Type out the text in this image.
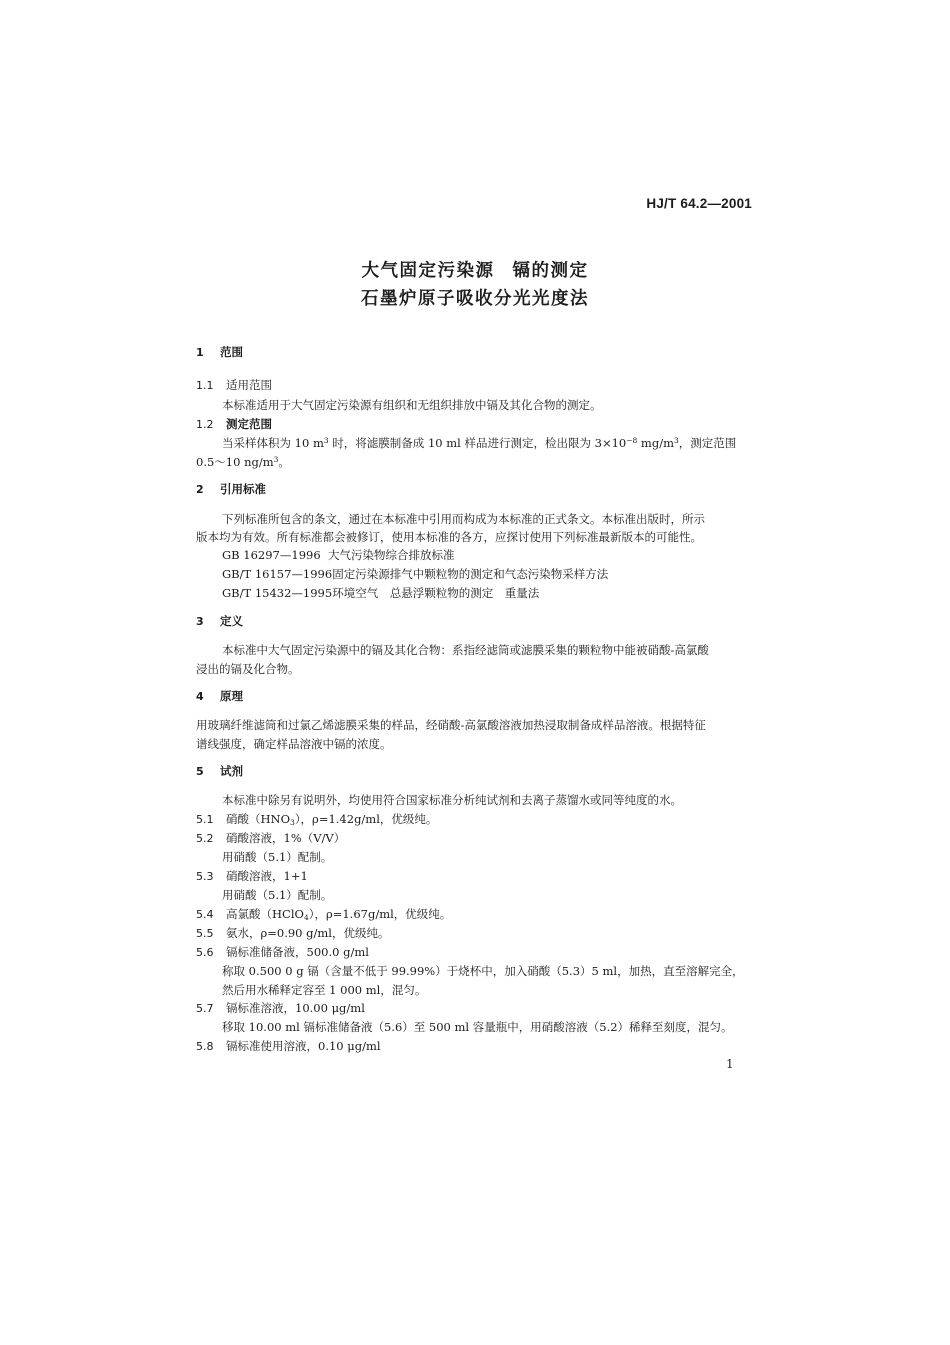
HJ/T 64.2—2001
大气固定污染源 镉的测定
石墨炉原子吸收分光光度法
1 范围
1.1 适用范围
本标准适用于大气固定污染源有组织和无组织排放中镉及其化合物的测定。
1.2 测定范围
当采样体积为 10 $m^3$ 时，将滤膜制备成 10 ml 样品进行测定，检出限为 $3\times 10^{-8}$ $mg/m^3$，测定范围
0.5～10 $ng/m^3$。
2 引用标准
下列标准所包含的条文，通过在本标准中引用而构成为本标准的正式条文。本标准出版时，所示
版本均为有效。所有标准都会被修订，使用本标准的各方，应探讨使用下列标准最新版本的可能性。
GB 16297—1996 大气污染物综合排放标准
GB/T 16157—1996固定污染源排气中颗粒物的测定和气态污染物采样方法
GB/T 15432—1995环境空气　总悬浮颗粒物的测定　重量法
3 定义
本标准中大气固定污染源中的镉及其化合物：系指经滤筒或滤膜采集的颗粒物中能被硝酸-高氯酸
浸出的镉及化合物。
4 原理
用玻璃纤维滤筒和过氯乙烯滤膜采集的样品，经硝酸-高氯酸溶液加热浸取制备成样品溶液。根据特征
谱线强度，确定样品溶液中镉的浓度。
5 试剂
本标准中除另有说明外，均使用符合国家标准分析纯试剂和去离子蒸馏水或同等纯度的水。
5.1 硝酸$(HNO_3)$，ρ=1.42g/ml，优级纯。
5.2 硝酸溶液，1%（V/V）
用硝酸（5.1）配制。
5.3 硝酸溶液，1+1
用硝酸（5.1）配制。
5.4 高氯酸（HClO$_4$），ρ=1.67g/ml，优级纯。
5.5 氨水，ρ=0.90 g/ml，优级纯。
5.6 镉标准储备液，500.0 g/ml
称取 0.500 0 g 镉（含量不低于 99.99%）于烧杯中，加入硝酸（5.3）5 ml，加热，直至溶解完全，
然后用水稀释定容至 1 000 ml，混匀。
5.7 镉标准溶液，10.00 μg/ml
移取 10.00 ml 镉标准储备液（5.6）至 500 ml 容量瓶中，用硝酸溶液（5.2）稀释至刻度，混匀。
5.8 镉标准使用溶液，0.10 μg/ml
1
